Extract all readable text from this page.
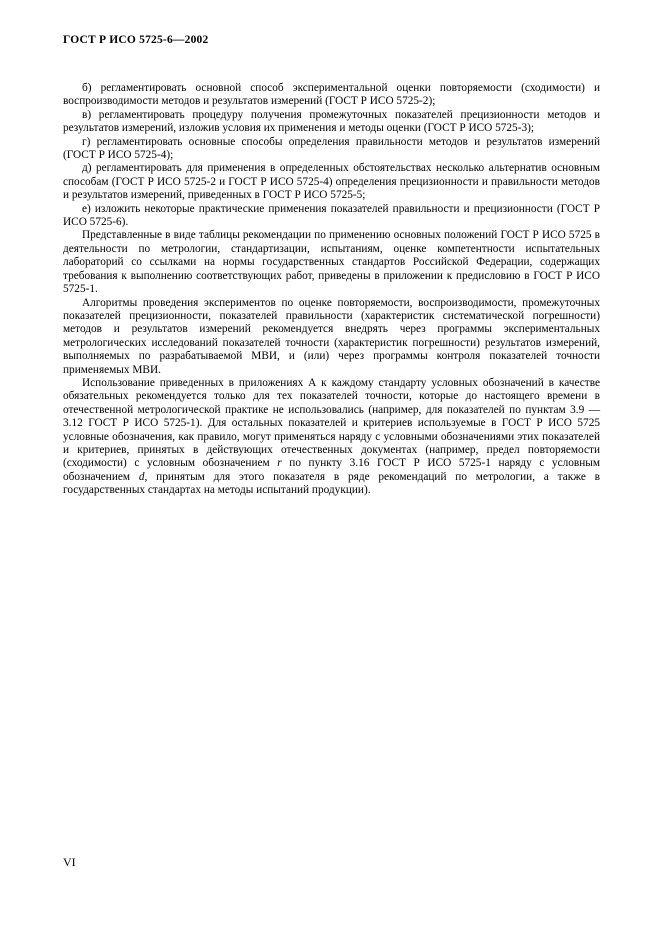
ГОСТ Р ИСО 5725-6—2002

б) регламентировать основной способ экспериментальной оценки повторяемости (сходимости) и воспроизводимости методов и результатов измерений (ГОСТ Р ИСО 5725-2);

в) регламентировать процедуру получения промежуточных показателей прецизионности методов и результатов измерений, изложив условия их применения и методы оценки (ГОСТ Р ИСО 5725-3);

г) регламентировать основные способы определения правильности методов и результатов измерений (ГОСТ Р ИСО 5725-4);

д) регламентировать для применения в определенных обстоятельствах несколько альтернатив основным способам (ГОСТ Р ИСО 5725-2 и ГОСТ Р ИСО 5725-4) определения прецизионности и правильности методов и результатов измерений, приведенных в ГОСТ Р ИСО 5725-5;

е) изложить некоторые практические применения показателей правильности и прецизионности (ГОСТ Р ИСО 5725-6).

Представленные в виде таблицы рекомендации по применению основных положений ГОСТ Р ИСО 5725 в деятельности по метрологии, стандартизации, испытаниям, оценке компетентности испытательных лабораторий со ссылками на нормы государственных стандартов Российской Федерации, содержащих требования к выполнению соответствующих работ, приведены в приложении к предисловию в ГОСТ Р ИСО 5725-1.

Алгоритмы проведения экспериментов по оценке повторяемости, воспроизводимости, промежуточных показателей прецизионности, показателей правильности (характеристик систематической погрешности) методов и результатов измерений рекомендуется внедрять через программы экспериментальных метрологических исследований показателей точности (характеристик погрешности) результатов измерений, выполняемых по разрабатываемой МВИ, и (или) через программы контроля показателей точности применяемых МВИ.

Использование приведенных в приложениях А к каждому стандарту условных обозначений в качестве обязательных рекомендуется только для тех показателей точности, которые до настоящего времени в отечественной метрологической практике не использовались (например, для показателей по пунктам 3.9 — 3.12 ГОСТ Р ИСО 5725-1). Для остальных показателей и критериев используемые в ГОСТ Р ИСО 5725 условные обозначения, как правило, могут применяться наряду с условными обозначениями этих показателей и критериев, принятых в действующих отечественных документах (например, предел повторяемости (сходимости) с условным обозначением r по пункту 3.16 ГОСТ Р ИСО 5725-1 наряду с условным обозначением d, принятым для этого показателя в ряде рекомендаций по метрологии, а также в государственных стандартах на методы испытаний продукции).

VI
